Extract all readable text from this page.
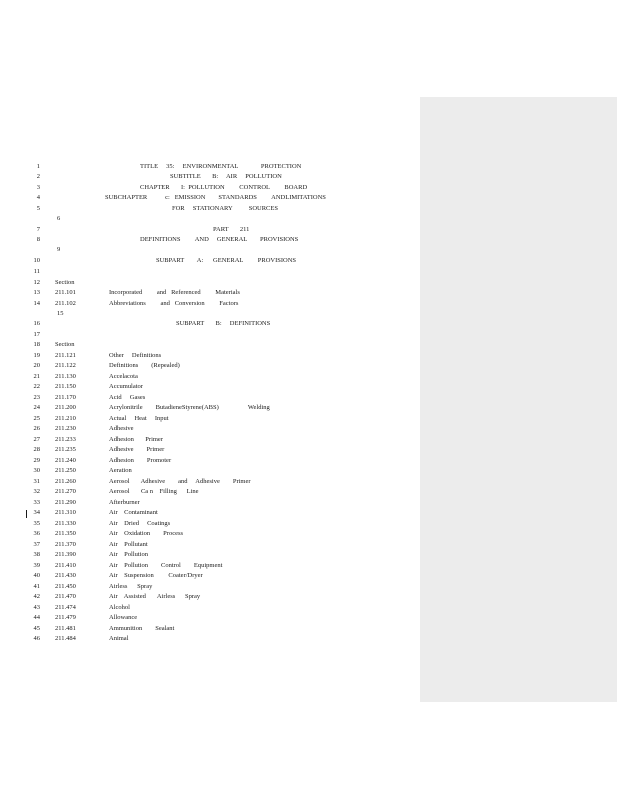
1	TITLE     35:     ENVIRONMENTAL              PROTECTION
2	SUBTITLE       B:     AIR     POLLUTION
3	CHAPTER       I:  POLLUTION         CONTROL         BOARD
4	SUBCHAPTER           c:   EMISSION        STANDARDS         ANDLIMITATIONS
5	FOR     STATIONARY          SOURCES
6
7	PART       211
8	DEFINITIONS         AND     GENERAL        PROVISIONS
9
10	SUBPART        A:      GENERAL         PROVISIONS
11
12 Section
13 211.101	Incorporated         and   Referenced         Materials
14 211.102	Abbreviations         and   Conversion         Factors
15
16	SUBPART       B:     DEFINITIONS
17
18 Section
19 211.121	Other     Definitions
20 211.122	Definitions        (Repealed)
21 211.130	Accelacota
22 211.150	Accumulator
23 211.170	Acid     Gases
24 211.200	Acrylonitrile        ButadieneStyrene(ABS)                  Welding
25 211.210	Actual     Heat     Input
26 211.230	Adhesive
27 211.233	Adhesion       Primer
28 211.235	Adhesive        Primer
29 211.240	Adhesion        Promoter
30 211.250	Aeration
31 211.260	Aerosol       Adhesive        and     Adhesive        Primer
32 211.270	Aerosol       Ca n    Filling      Line
33 211.290	Afterburner
34 211.310	Air    Contaminant
35 211.330	Air    Dried     Coatings
36 211.350	Air    Oxidation        Process
37 211.370	Air    Pollutant
38 211.390	Air    Pollution
39 211.410	Air    Pollution        Control        Equipment
40 211.430	Air    Suspension         Coater/Dryer
41 211.450	Airless      Spray
42 211.470	Air    Assisted       Airless      Spray
43 211.474	Alcohol
44 211.479	Allowance
45 211.481	Ammunition        Sealant
46 211.484	Animal
